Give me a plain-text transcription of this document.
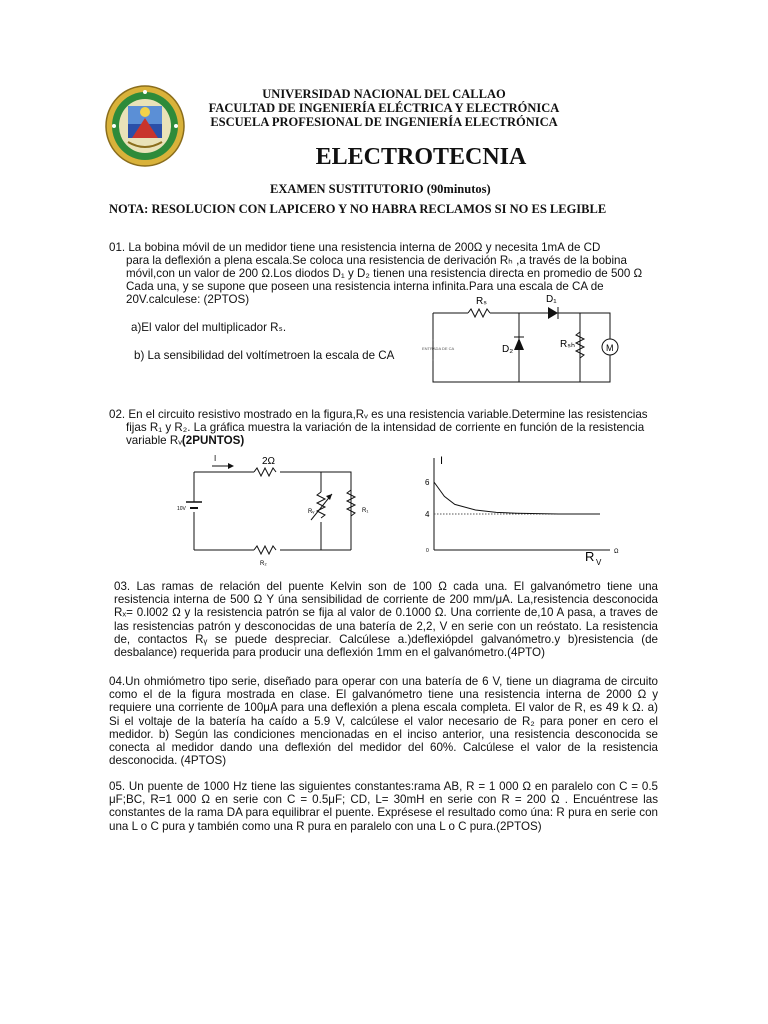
UNIVERSIDAD NACIONAL DEL CALLAO
FACULTAD DE INGENIERÍA ELÉCTRICA Y ELECTRÓNICA
ESCUELA PROFESIONAL DE INGENIERÍA ELECTRÓNICA
ELECTROTECNIA
EXAMEN SUSTITUTORIO (90minutos)
NOTA: RESOLUCION CON LAPICERO Y NO HABRA RECLAMOS SI NO ES LEGIBLE
01. La bobina móvil de un medidor tiene una resistencia interna de 200Ω y necesita 1mA de CD
para la deflexión a plena escala.Se coloca una resistencia de derivación Rₕ ,a través de la bobina
móvil,con un valor de 200 Ω.Los diodos D₁ y D₂ tienen una resistencia directa en promedio de 500 Ω
Cada una, y se supone que poseen una resistencia interna infinita.Para una escala de CA de
20V.calculese: (2PTOS)
a)El valor del multiplicador Rₛ.
b) La sensibilidad del voltímetroen la escala de CA
M
Rₛ	D₁
D₂	Rₛₕ
ENTRADA DE CA
02. En el circuito resistivo mostrado en la figura,Rᵥ es una resistencia variable.Determine las resistencias
fijas R₁ y R₂. La gráfica muestra la variación de la intensidad de corriente en función de la resistencia
variable Rᵥ(2PUNTOS)
I	2Ω
10V	Rᵥ	R₁
R₂
I
R V
Ω
0
6
4
03. Las ramas de relación del puente Kelvin son de 100 Ω cada una. El galvanómetro tiene una resistencia interna de 500 Ω Y úna sensibilidad de corriente de 200 mm/μA. La,resistencia desconocida Rₓ= 0.l002 Ω y la resistencia patrón se fija al valor de 0.1000 Ω. Una corriente de,10 A pasa, a traves de las resistencias patrón y desconocidas de una batería de 2,2, V en serie con un reóstato. La resistencia de, contactos Rᵧ se puede despreciar. Calcúlese a.)deflexiópdel galvanómetro.y b)resistencia (de desbalance) requerida para producir una deflexión 1mm en el galvanómetro.(4PTO)
04.Un ohmiómetro tipo serie, diseñado para operar con una batería de 6 V, tiene un diagrama de circuito como el de la figura mostrada en clase. El galvanómetro tiene una resistencia interna de 2000 Ω y requiere una corriente de 100μA para una deflexión a plena escala completa. El valor de R, es 49 k Ω. a) Si el voltaje de la batería ha caído a 5.9 V, calcúlese el valor necesario de R₂ para poner en cero el medidor. b) Según las condiciones mencionadas en el inciso anterior, una resistencia desconocida se conecta al medidor dando una deflexión del medidor del 60%. Calcúlese el valor de la resistencia desconocida. (4PTOS)
05. Un puente de 1000 Hz tiene las siguientes constantes:rama AB, R = 1 000 Ω en paralelo con C = 0.5 μF;BC, R=1 000 Ω en serie con C = 0.5μF; CD, L= 30mH en serie con R = 200 Ω . Encuéntrese las constantes de la rama DA para equilibrar el puente. Exprésese el resultado como úna: R pura en serie con una L o C pura y también como una R pura en paralelo con una L o C pura.(2PTOS)
